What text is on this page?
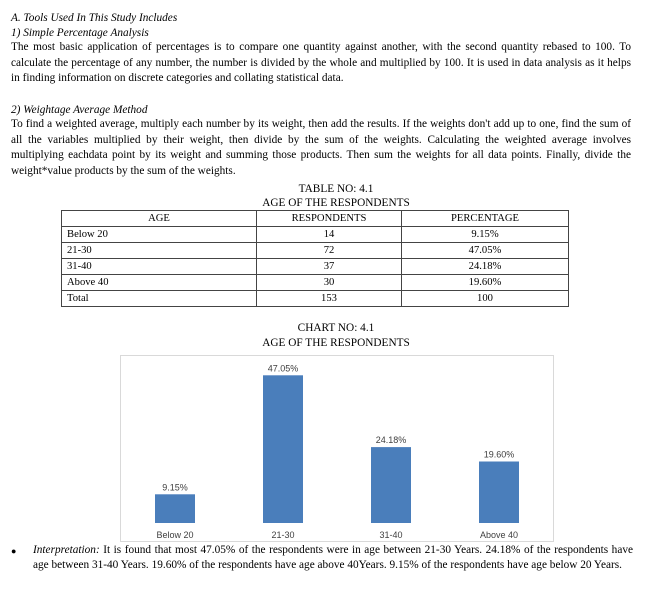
A. Tools Used In This Study Includes
1) Simple Percentage Analysis
The most basic application of percentages is to compare one quantity against another, with the second quantity rebased to 100. To calculate the percentage of any number, the number is divided by the whole and multiplied by 100. It is used in data analysis as it helps in finding information on discrete categories and collating statistical data.
2) Weightage Average Method
To find a weighted average, multiply each number by its weight, then add the results. If the weights don't add up to one, find the sum of all the variables multiplied by their weight, then divide by the sum of the weights. Calculating the weighted average involves multiplying eachdata point by its weight and summing those products. Then sum the weights for all data points. Finally, divide the weight*value products by the sum of the weights.
TABLE NO: 4.1
AGE OF THE RESPONDENTS
AGE	RESPONDENTS	PERCENTAGE
Below 20	14	9.15%
21-30	72	47.05%
31-40	37	24.18%
Above 40	30	19.60%
Total	153	100
CHART NO: 4.1
AGE OF THE RESPONDENTS
9.15%
Below 20
47.05%
21-30
24.18%
31-40
19.60%
Above 40
● Interpretation: It is found that most 47.05% of the respondents were in age between 21-30 Years. 24.18% of the respondents have age between 31-40 Years. 19.60% of the respondents have age above 40Years. 9.15% of the respondents have age below 20 Years.
